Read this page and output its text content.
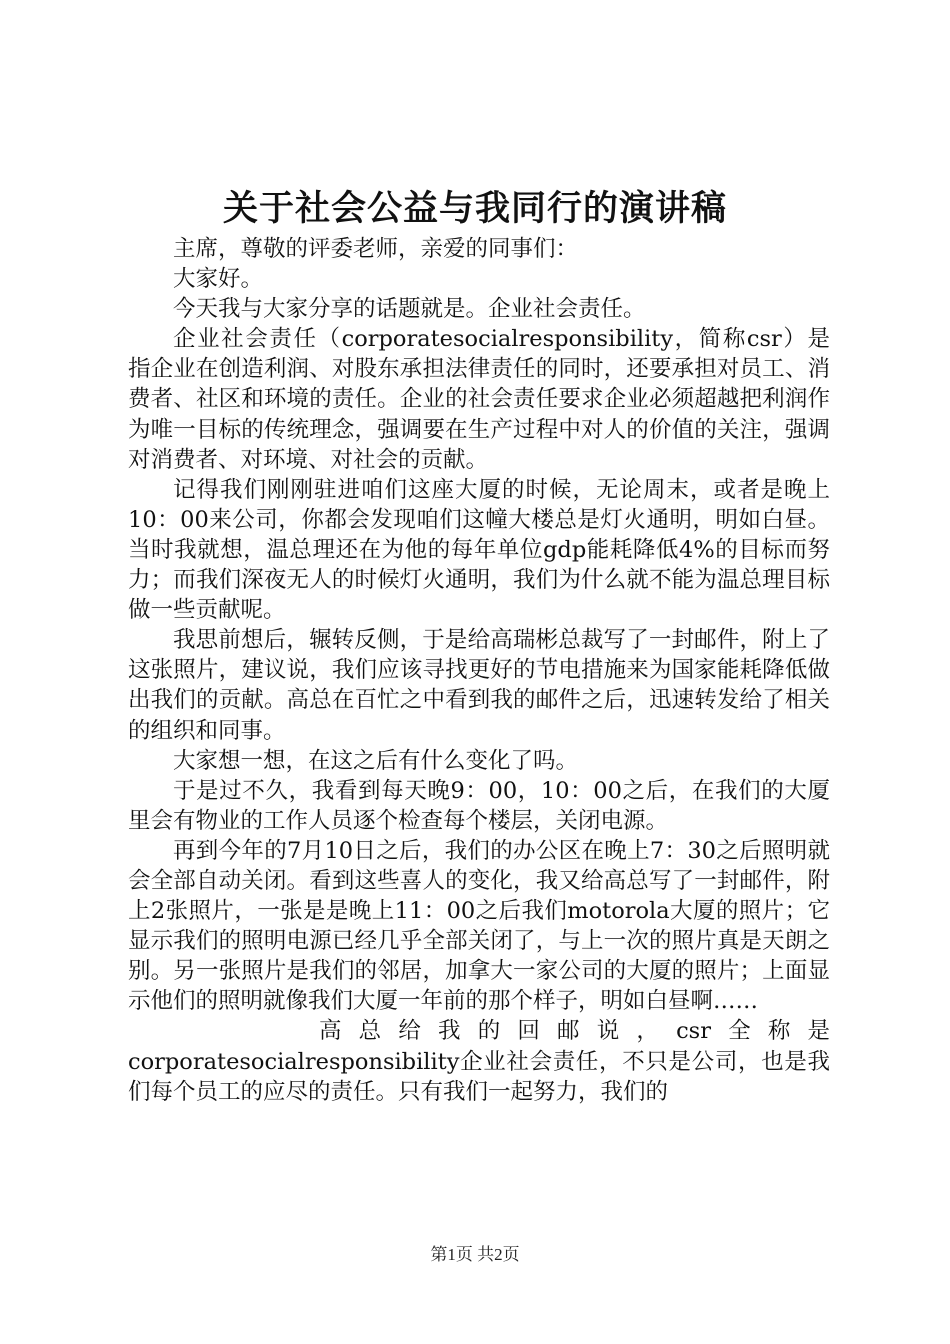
关于社会公益与我同行的演讲稿

主席，尊敬的评委老师，亲爱的同事们：

大家好。

今天我与大家分享的话题就是。企业社会责任。

企业社会责任（corporatesocialresponsibility，简称csr）是指企业在创造利润、对股东承担法律责任的同时，还要承担对员工、消费者、社区和环境的责任。企业的社会责任要求企业必须超越把利润作为唯一目标的传统理念，强调要在生产过程中对人的价值的关注，强调对消费者、对环境、对社会的贡献。

记得我们刚刚驻进咱们这座大厦的时候，无论周末，或者是晚上10：00来公司，你都会发现咱们这幢大楼总是灯火通明，明如白昼。当时我就想，温总理还在为他的每年单位gdp能耗降低4%的目标而努力；而我们深夜无人的时候灯火通明，我们为什么就不能为温总理目标做一些贡献呢。

我思前想后，辗转反侧，于是给高瑞彬总裁写了一封邮件，附上了这张照片，建议说，我们应该寻找更好的节电措施来为国家能耗降低做出我们的贡献。高总在百忙之中看到我的邮件之后，迅速转发给了相关的组织和同事。

大家想一想，在这之后有什么变化了吗。

于是过不久，我看到每天晚9：00，10：00之后，在我们的大厦里会有物业的工作人员逐个检查每个楼层，关闭电源。

再到今年的7月10日之后，我们的办公区在晚上7：30之后照明就会全部自动关闭。看到这些喜人的变化，我又给高总写了一封邮件，附上2张照片，一张是是晚上11：00之后我们motorola大厦的照片；它显示我们的照明电源已经几乎全部关闭了，与上一次的照片真是天朗之别。另一张照片是我们的邻居，加拿大一家公司的大厦的照片；上面显示他们的照明就像我们大厦一年前的那个样子，明如白昼啊……

高总给我的回邮说，csr全称是corporatesocialresponsibility企业社会责任，不只是公司，也是我们每个员工的应尽的责任。只有我们一起努力，我们的

第1页 共2页
